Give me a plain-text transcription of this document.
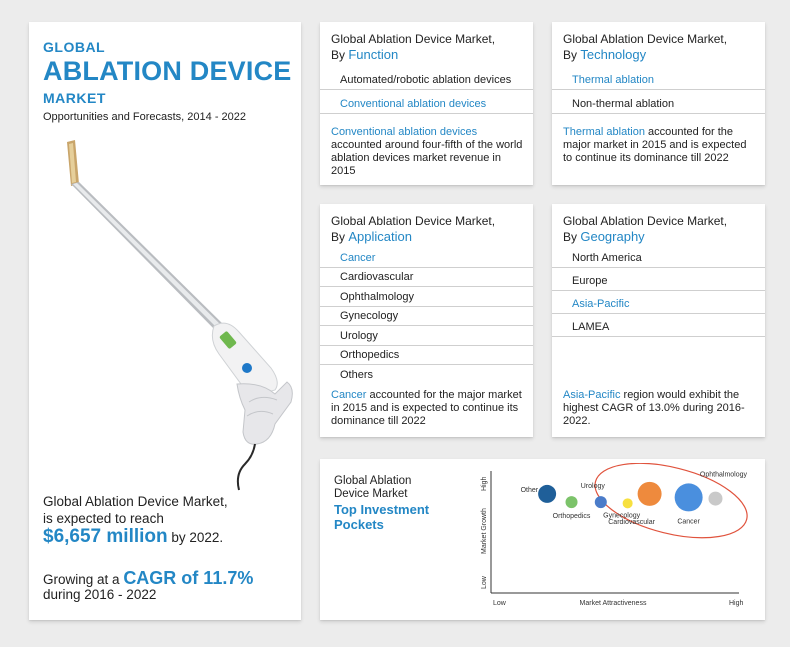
GLOBAL
ABLATION DEVICE
MARKET
Opportunities and Forecasts, 2014 - 2022
Global Ablation Device Market,
is expected to reach
$6,657 million by 2022.
Growing at a CAGR of 11.7%
during 2016 - 2022
Global Ablation Device Market,
By Function
Automated/robotic ablation devices
Conventional ablation devices
Conventional ablation devices accounted around four-fifth of the world ablation devices market revenue in 2015
Global Ablation Device Market,
By Technology
Thermal ablation
Non-thermal ablation
Thermal ablation accounted for the major market in 2015 and is expected to continue its dominance till 2022
Global Ablation Device Market,
By Application
Cancer
Cardiovascular
Ophthalmology
Gynecology
Urology
Orthopedics
Others
Cancer accounted for the major market in 2015 and is expected to continue its dominance till 2022
Global Ablation Device Market,
By Geography
North America
Europe
Asia-Pacific
LAMEA
Asia-Pacific region would exhibit the highest CAGR of 13.0% during 2016-2022.
Global Ablation
Device Market
Top Investment
Pockets
Low	High
Market Attractiveness
Low
High
Market Growth
Other
Orthopedics
Urology
Gynecology
Cardiovascular	Cancer
Ophthalmology
